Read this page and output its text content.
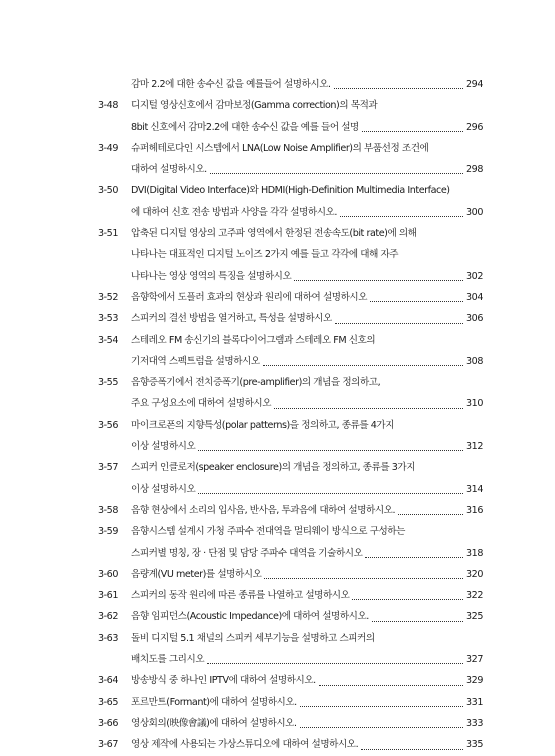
감마 2.2에 대한 송수신 값을 예를들어 설명하시오.	294
3-48	디지털 영상신호에서 감마보정(Gamma correction)의 목적과
8bit 신호에서 감마2.2에 대한 송수신 값을 예를 들어 설명	296
3-49	슈퍼헤테로다인 시스템에서 LNA(Low Noise Amplifier)의 부품선정 조건에
대하여 설명하시오.	298
3-50	DVI(Digital Video Interface)와 HDMI(High-Definition Multimedia Interface)
에 대하여 신호 전송 방법과 사양을 각각 설명하시오.	300
3-51	압축된 디지털 영상의 고주파 영역에서 한정된 전송속도(bit rate)에 의해
나타나는 대표적인 디지털 노이즈 2가지 예를 들고 각각에 대해 자주
나타나는 영상 영역의 특징을 설명하시오	302
3-52	음향학에서 도플러 효과의 현상과 원리에 대하여 설명하시오	304
3-53	스피커의 결선 방법을 열거하고, 특성을 설명하시오	306
3-54	스테레오 FM 송신기의 블록다이어그램과 스테레오 FM 신호의
기저대역 스펙트럼을 설명하시오	308
3-55	음향증폭기에서 전치증폭기(pre-amplifier)의 개념을 정의하고,
주요 구성요소에 대하여 설명하시오	310
3-56	마이크로폰의 지향특성(polar patterns)을 정의하고, 종류를 4가지
이상 설명하시오	312
3-57	스피커 인클로저(speaker enclosure)의 개념을 정의하고, 종류를 3가지
이상 설명하시오	314
3-58	음향 현상에서 소리의 입사음, 반사음, 투과음에 대하여 설명하시오.	316
3-59	음향시스템 설계시 가청 주파수 전대역을 멀티웨이 방식으로 구성하는
스피커별 명칭, 장 · 단점 및 담당 주파수 대역을 기술하시오	318
3-60	음량계(VU meter)를 설명하시오	320
3-61	스피커의 동작 원리에 따른 종류를 나열하고 설명하시오	322
3-62	음향 임피던스(Acoustic Impedance)에 대하여 설명하시오.	325
3-63	돌비 디지털 5.1 채널의 스피커 세부기능을 설명하고 스피커의
배치도를 그리시오	327
3-64	방송방식 중 하나인 IPTV에 대하여 설명하시오.	329
3-65	포르만트(Formant)에 대하여 설명하시오.	331
3-66	영상회의(映像會議)에 대하여 설명하시오.	333
3-67	영상 제작에 사용되는 가상스튜디오에 대하여 설명하시오.	335
